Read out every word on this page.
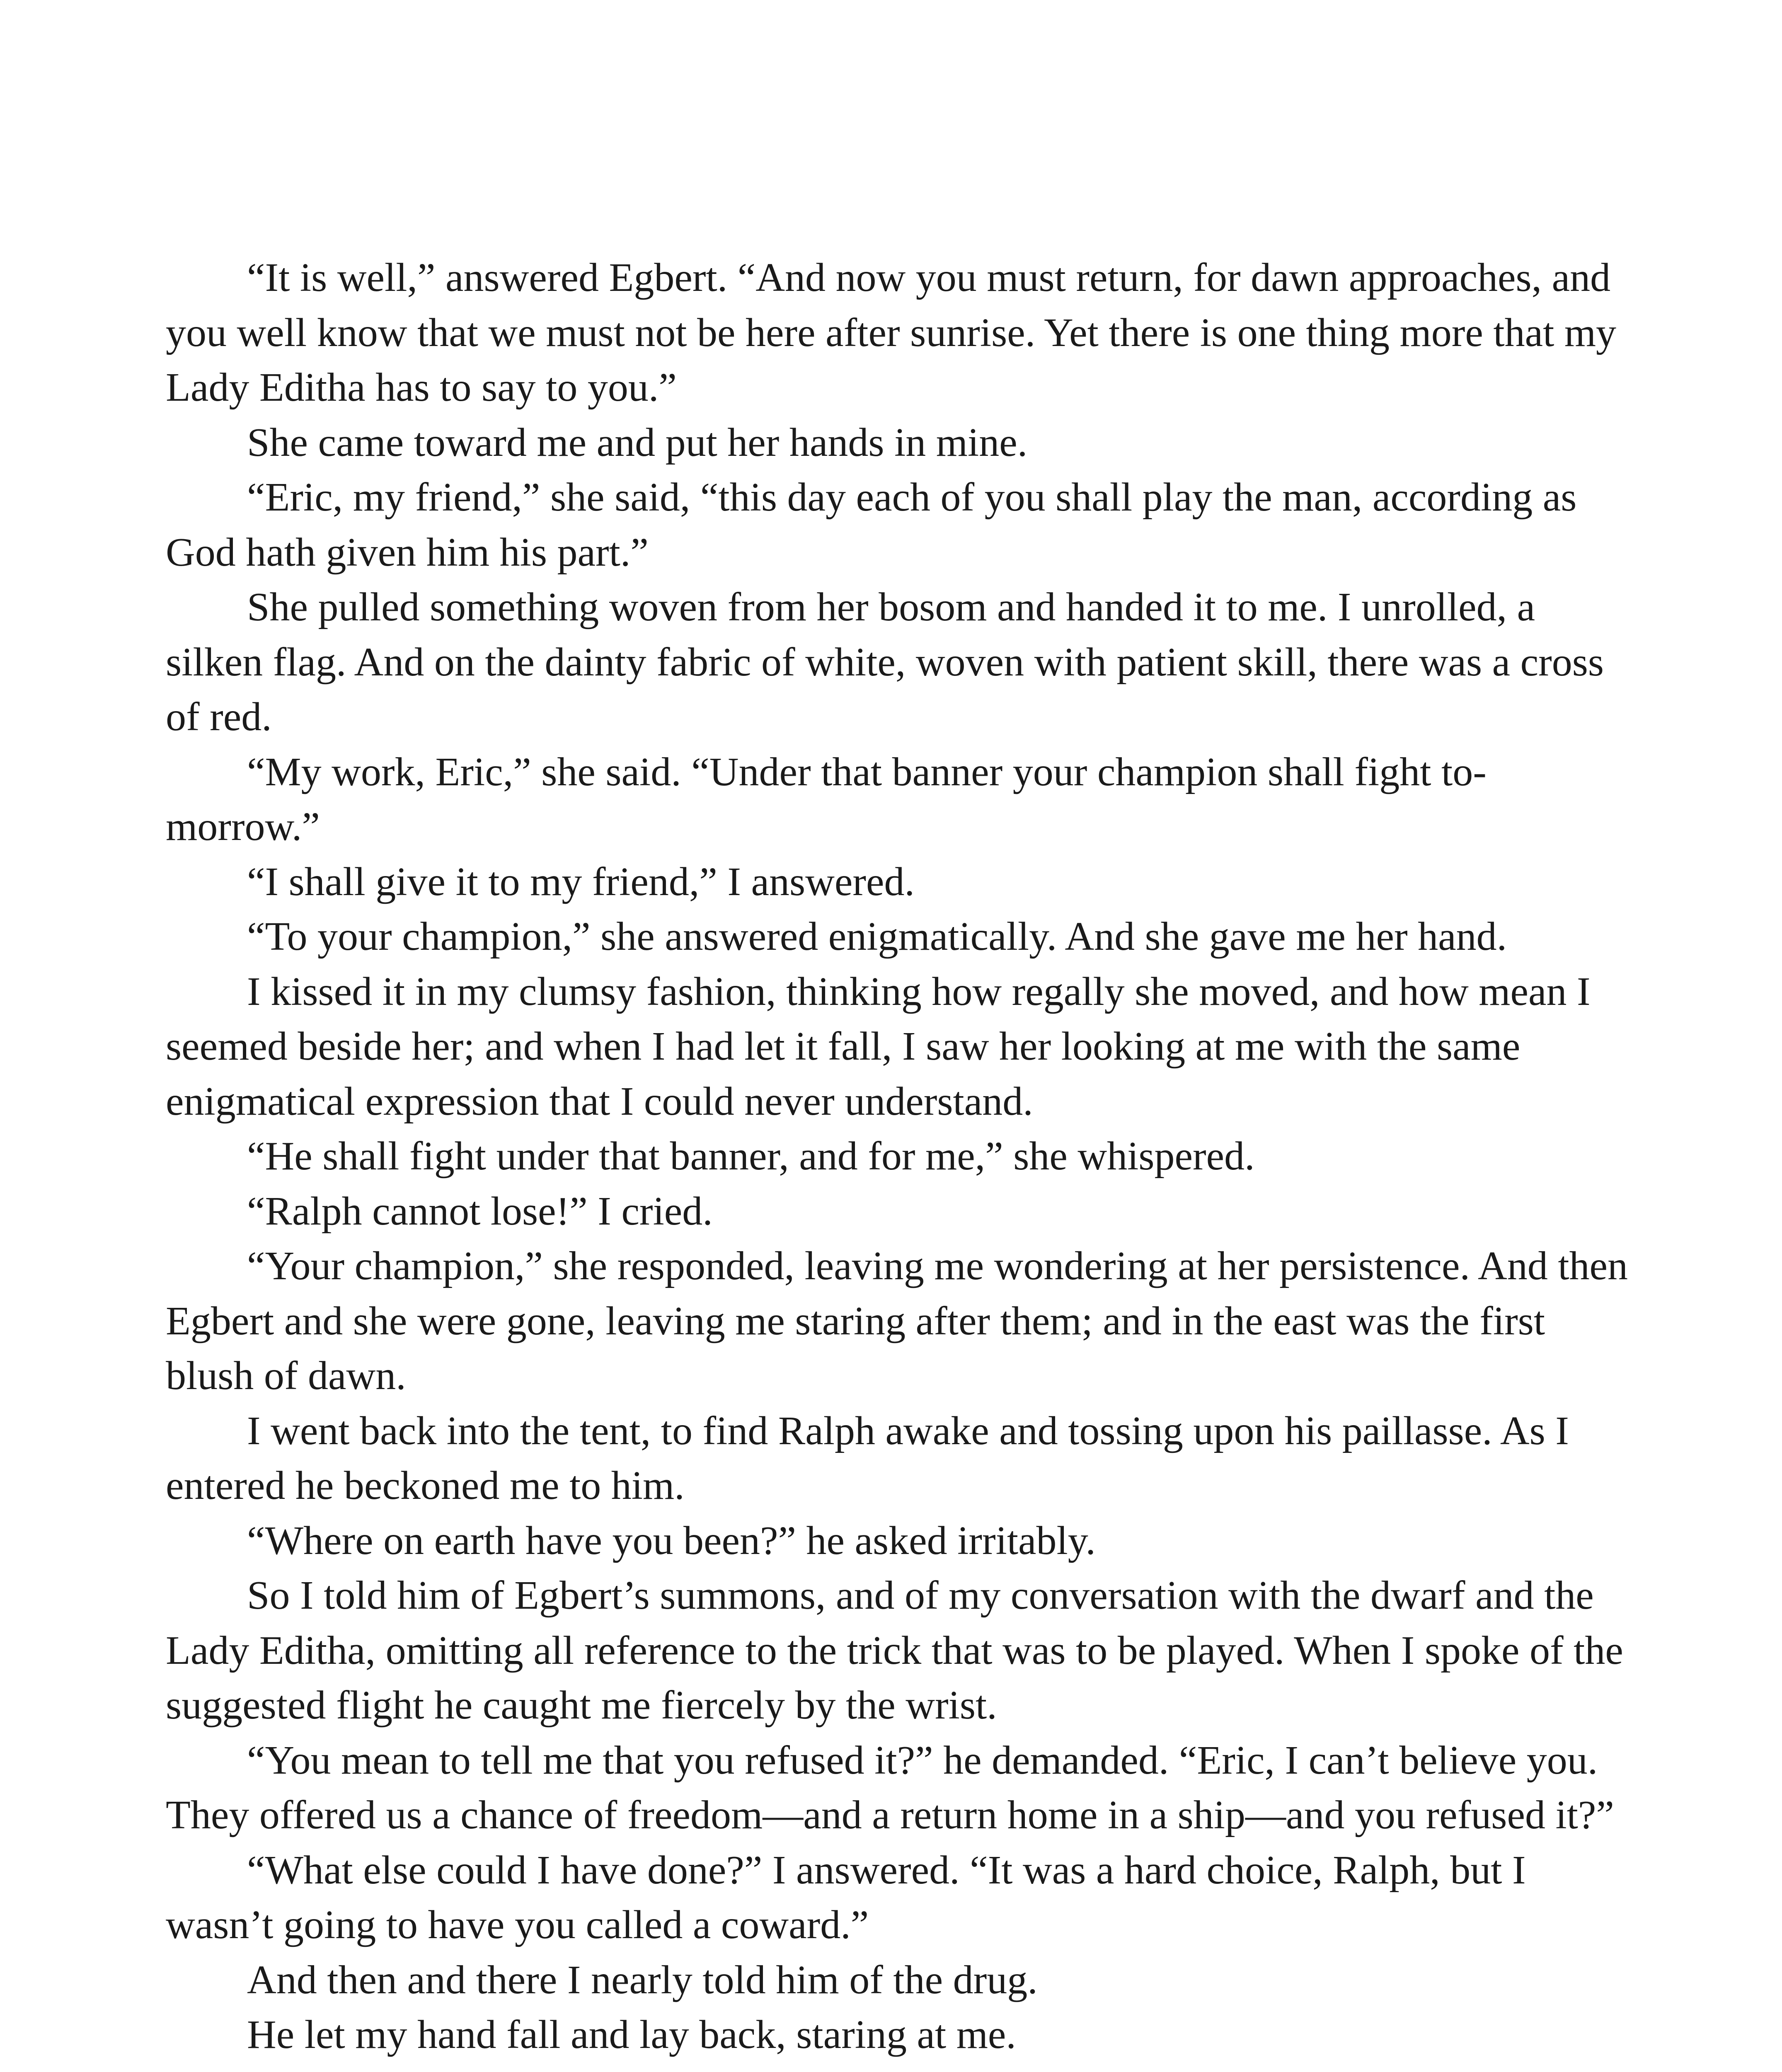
“It is well,” answered Egbert. “And now you must return, for dawn approaches, and you well know that we must not be here after sunrise. Yet there is one thing more that my Lady Editha has to say to you.”

She came toward me and put her hands in mine.

“Eric, my friend,” she said, “this day each of you shall play the man, according as God hath given him his part.”

She pulled something woven from her bosom and handed it to me. I unrolled, a silken flag. And on the dainty fabric of white, woven with patient skill, there was a cross of red.

“My work, Eric,” she said. “Under that banner your champion shall fight to-morrow.”

“I shall give it to my friend,” I answered.

“To your champion,” she answered enigmatically. And she gave me her hand.

I kissed it in my clumsy fashion, thinking how regally she moved, and how mean I seemed beside her; and when I had let it fall, I saw her looking at me with the same enigmatical expression that I could never understand.

“He shall fight under that banner, and for me,” she whispered.

“Ralph cannot lose!” I cried.

“Your champion,” she responded, leaving me wondering at her persistence. And then Egbert and she were gone, leaving me staring after them; and in the east was the first blush of dawn.

I went back into the tent, to find Ralph awake and tossing upon his paillasse. As I entered he beckoned me to him.

“Where on earth have you been?” he asked irritably.

So I told him of Egbert’s summons, and of my conversation with the dwarf and the Lady Editha, omitting all reference to the trick that was to be played. When I spoke of the suggested flight he caught me fiercely by the wrist.

“You mean to tell me that you refused it?” he demanded. “Eric, I can’t believe you. They offered us a chance of freedom—and a return home in a ship—and you refused it?”

“What else could I have done?” I answered. “It was a hard choice, Ralph, but I wasn’t going to have you called a coward.”

And then and there I nearly told him of the drug.

He let my hand fall and lay back, staring at me.
